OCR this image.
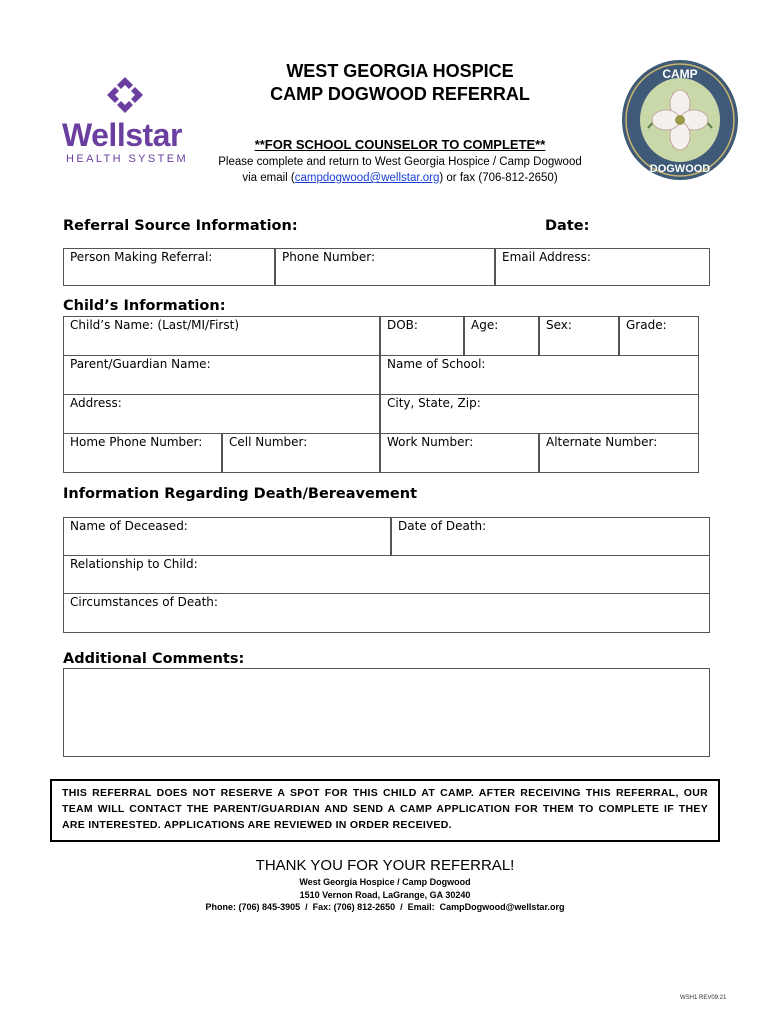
Wellstar
HEALTH SYSTEM
CAMP
DOGWOOD
WEST GEORGIA HOSPICE
CAMP DOGWOOD REFERRAL
**FOR SCHOOL COUNSELOR TO COMPLETE**
Please complete and return to West Georgia Hospice / Camp Dogwood
via email (campdogwood@wellstar.org) or fax (706-812-2650)
Referral Source Information:	Date:
Person Making Referral:	Phone Number:	Email Address:
Child’s Information:
Child’s Name: (Last/MI/First)	DOB:	Age:	Sex:	Grade:
Parent/Guardian Name:	Name of School:
Address:	City, State, Zip:
Home Phone Number:	Cell Number:	Work Number:	Alternate Number:
Information Regarding Death/Bereavement
Name of Deceased:	Date of Death:
Relationship to Child:
Circumstances of Death:
Additional Comments:
THIS REFERRAL DOES NOT RESERVE A SPOT FOR THIS CHILD AT CAMP. AFTER RECEIVING THIS REFERRAL, OUR TEAM WILL CONTACT THE PARENT/GUARDIAN AND SEND A CAMP APPLICATION FOR THEM TO COMPLETE IF THEY ARE INTERESTED. APPLICATIONS ARE REVIEWED IN ORDER RECEIVED.
THANK YOU FOR YOUR REFERRAL!
West Georgia Hospice / Camp Dogwood
1510 Vernon Road, LaGrange, GA 30240
Phone: (706) 845-3905  /  Fax: (706) 812-2650  /  Email:  CampDogwood@wellstar.org
WSH1 REV09.21
